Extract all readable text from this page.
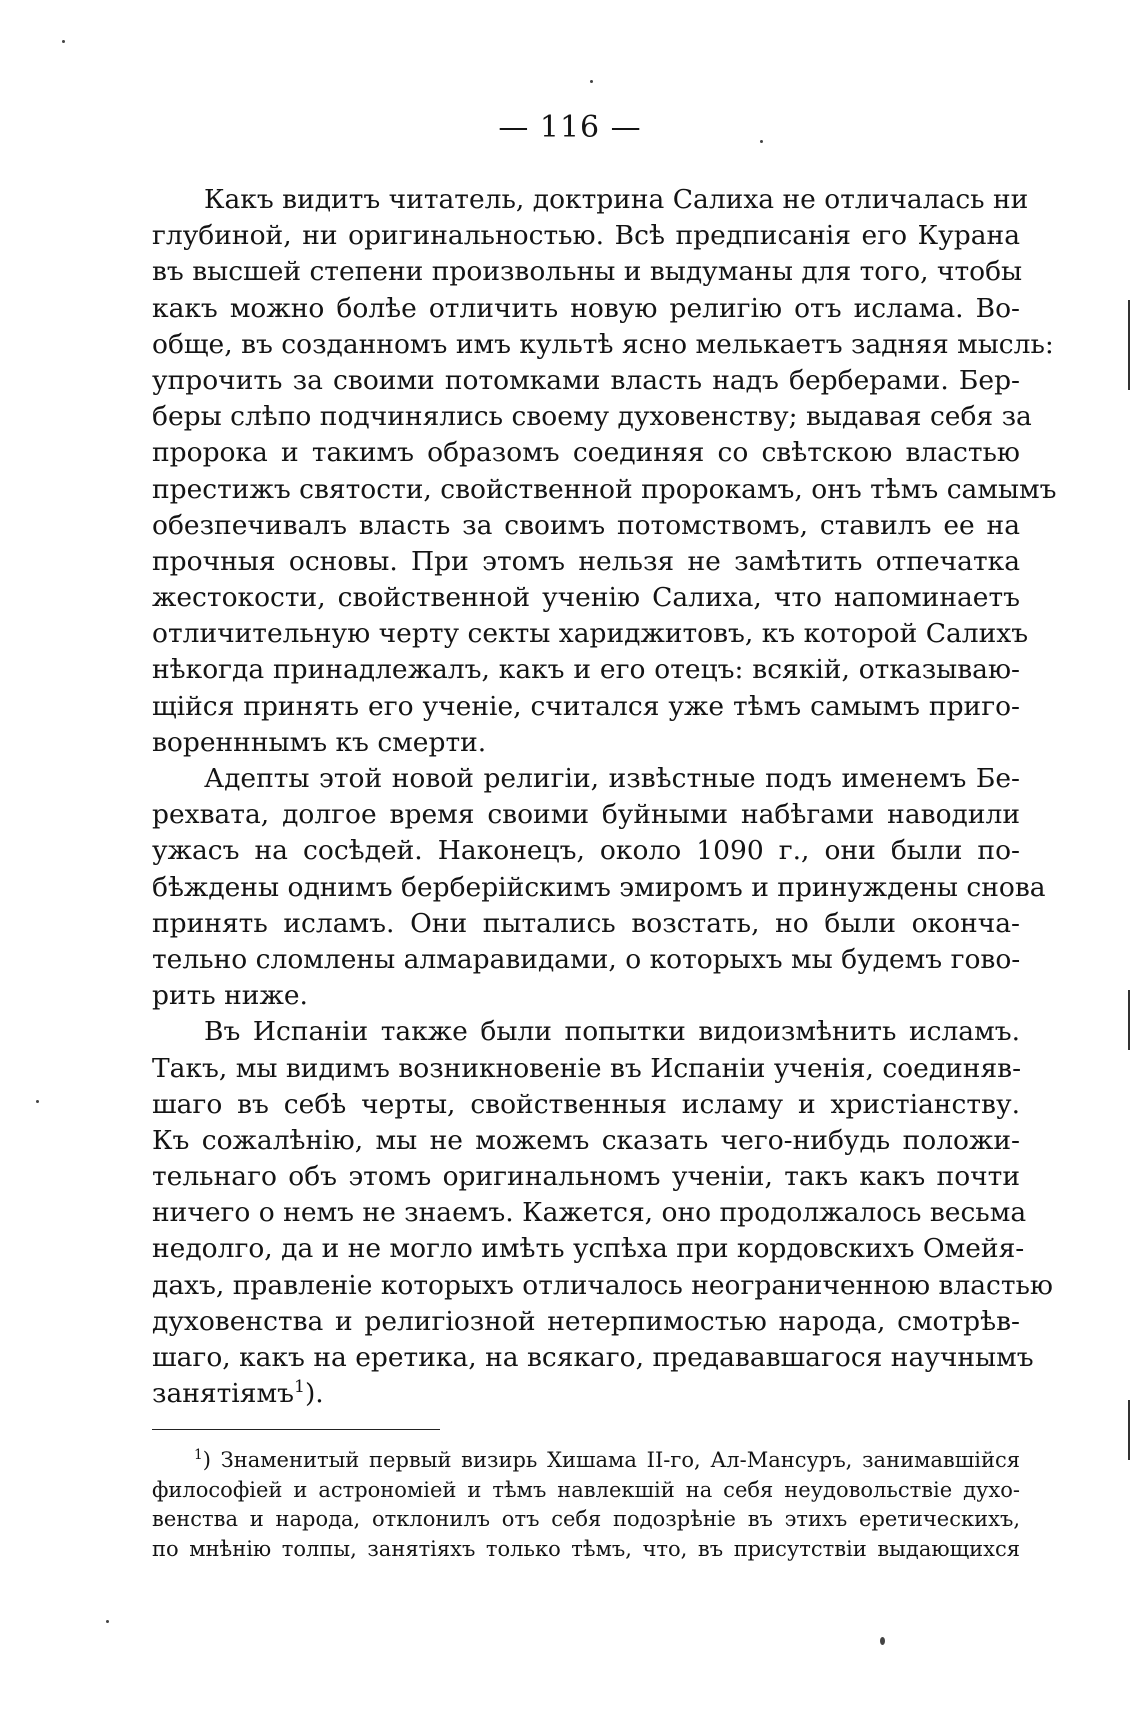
— 116 —
Какъ видитъ читатель, доктрина Салиха не отличалась ни
глубиной, ни оригинальностью. Всѣ предписанія его Курана
въ высшей степени произвольны и выдуманы для того, чтобы
какъ можно болѣе отличить новую религію отъ ислама. Во-
обще, въ созданномъ имъ культѣ ясно мелькаетъ задняя мысль:
упрочить за своими потомками власть надъ берберами. Бер-
беры слѣпо подчинялись своему духовенству; выдавая себя за
пророка и такимъ образомъ соединяя со свѣтскою властью
престижъ святости, свойственной пророкамъ, онъ тѣмъ самымъ
обезпечивалъ власть за своимъ потомствомъ, ставилъ ее на
прочныя основы. При этомъ нельзя не замѣтить отпечатка
жестокости, свойственной ученію Салиха, что напоминаетъ
отличительную черту секты хариджитовъ, къ которой Салихъ
нѣкогда принадлежалъ, какъ и его отецъ: всякій, отказываю-
щійся принять его ученіе, считался уже тѣмъ самымъ приго-
воренннымъ къ смерти.
Адепты этой новой религіи, извѣстные подъ именемъ Бе-
рехвата, долгое время своими буйными набѣгами наводили
ужасъ на сосѣдей. Наконецъ, около 1090 г., они были по-
бѣждены однимъ берберійскимъ эмиромъ и принуждены снова
принять исламъ. Они пытались возстать, но были оконча-
тельно сломлены алмаравидами, о которыхъ мы будемъ гово-
рить ниже.
Въ Испаніи также были попытки видоизмѣнить исламъ.
Такъ, мы видимъ возникновеніе въ Испаніи ученія, соединяв-
шаго въ себѣ черты, свойственныя исламу и христіанству.
Къ сожалѣнію, мы не можемъ сказать чего-нибудь положи-
тельнаго объ этомъ оригинальномъ ученіи, такъ какъ почти
ничего о немъ не знаемъ. Кажется, оно продолжалось весьма
недолго, да и не могло имѣть успѣха при кордовскихъ Омейя-
дахъ, правленіе которыхъ отличалось неограниченною властью
духовенства и религіозной нетерпимостью народа, смотрѣв-
шаго, какъ на еретика, на всякаго, предававшагося научнымъ
занятіямъ$^1$).
$^1$) Знаменитый первый визирь Хишама II-го, Ал-Мансуръ, занимавшійся
философіей и астрономіей и тѣмъ навлекшій на себя неудовольствіе духо-
венства и народа, отклонилъ отъ себя подозрѣніе въ этихъ еретическихъ,
по мнѣнію толпы, занятіяхъ только тѣмъ, что, въ присутствіи выдающихся
